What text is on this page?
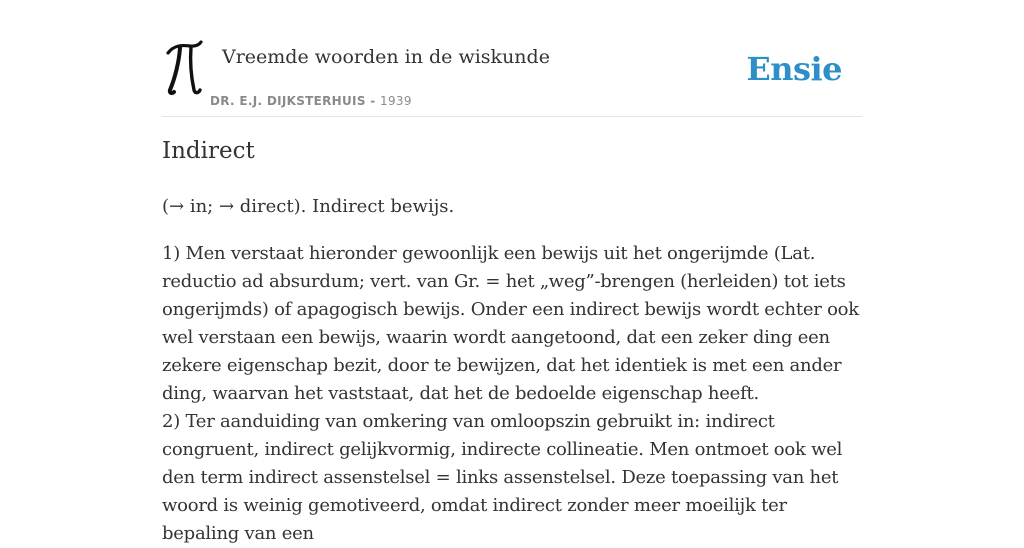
Vreemde woorden in de wiskunde
DR. E.J. DIJKSTERHUIS - 1939
Ensie
Indirect

(→ in; → direct). Indirect bewijs.

1) Men verstaat hieronder gewoonlijk een bewijs uit het ongerijmde (Lat. reductio ad absurdum; vert. van Gr. = het „weg”-brengen (herleiden) tot iets ongerijmds) of apagogisch bewijs. Onder een indirect bewijs wordt echter ook wel verstaan een bewijs, waarin wordt aangetoond, dat een zeker ding een zekere eigenschap bezit, door te bewijzen, dat het identiek is met een ander ding, waarvan het vaststaat, dat het de bedoelde eigenschap heeft.

2) Ter aanduiding van omkering van omloopszin gebruikt in: indirect congruent, indirect gelijkvormig, indirecte collineatie. Men ontmoet ook wel den term indirect assenstelsel = links assenstelsel. Deze toepassing van het woord is weinig gemotiveerd, omdat indirect zonder meer moeilijk ter bepaling van een
